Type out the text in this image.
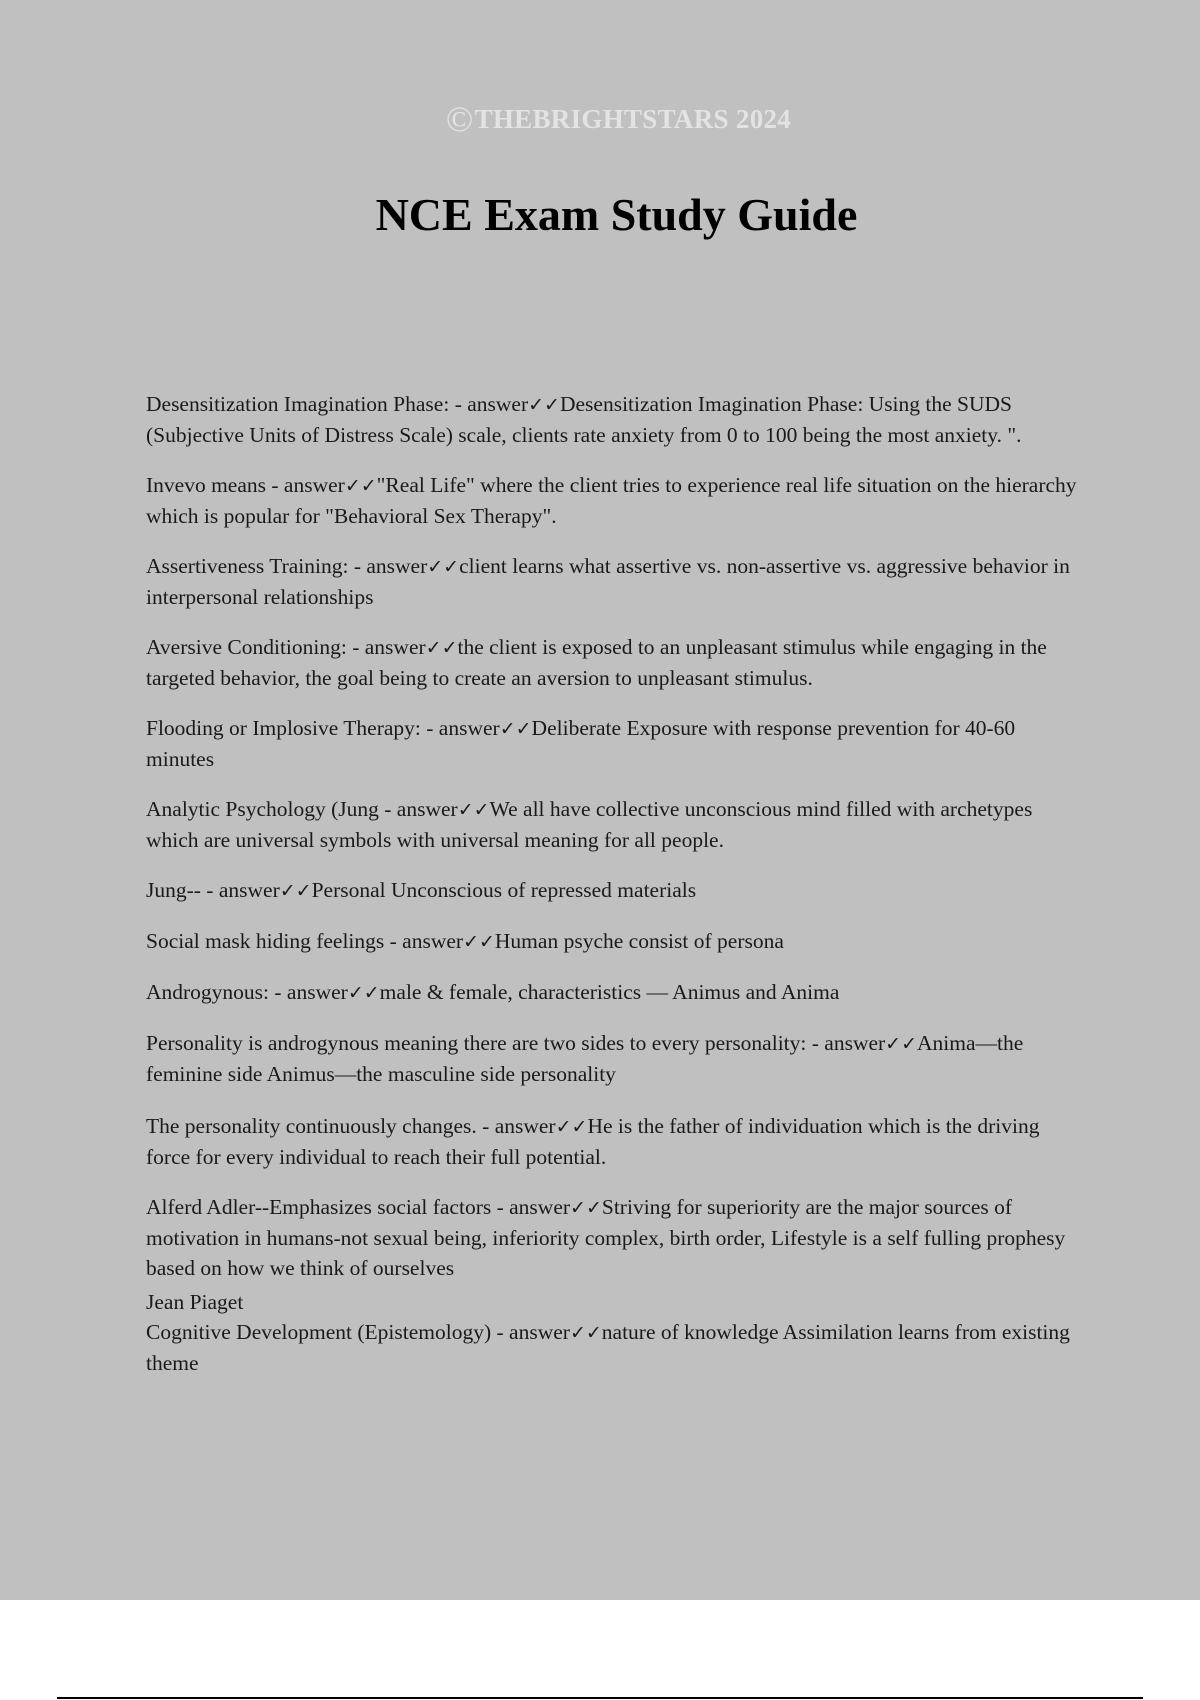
©THEBRIGHTSTARS 2024
NCE Exam Study Guide

Desensitization Imagination Phase: - answer✓✓Desensitization Imagination Phase: Using the SUDS (Subjective Units of Distress Scale) scale, clients rate anxiety from 0 to 100 being the most anxiety. ".

Invevo means - answer✓✓"Real Life" where the client tries to experience real life situation on the hierarchy which is popular for "Behavioral Sex Therapy".

Assertiveness Training: - answer✓✓client learns what assertive vs. non-assertive vs. aggressive behavior in interpersonal relationships

Aversive Conditioning: - answer✓✓the client is exposed to an unpleasant stimulus while engaging in the targeted behavior, the goal being to create an aversion to unpleasant stimulus.

Flooding or Implosive Therapy: - answer✓✓Deliberate Exposure with response prevention for 40-60 minutes

Analytic Psychology (Jung - answer✓✓We all have collective unconscious mind filled with archetypes which are universal symbols with universal meaning for all people.

Jung-- - answer✓✓Personal Unconscious of repressed materials

Social mask hiding feelings - answer✓✓Human psyche consist of persona

Androgynous: - answer✓✓male & female, characteristics — Animus and Anima

Personality is androgynous meaning there are two sides to every personality: - answer✓✓Anima—the feminine side Animus—the masculine side personality

The personality continuously changes. - answer✓✓He is the father of individuation which is the driving force for every individual to reach their full potential.

Alferd Adler--Emphasizes social factors - answer✓✓Striving for superiority are the major sources of motivation in humans-not sexual being, inferiority complex, birth order, Lifestyle is a self fulling prophesy based on how we think of ourselves

Jean Piaget
Cognitive Development (Epistemology) - answer✓✓nature of knowledge Assimilation learns from existing theme
